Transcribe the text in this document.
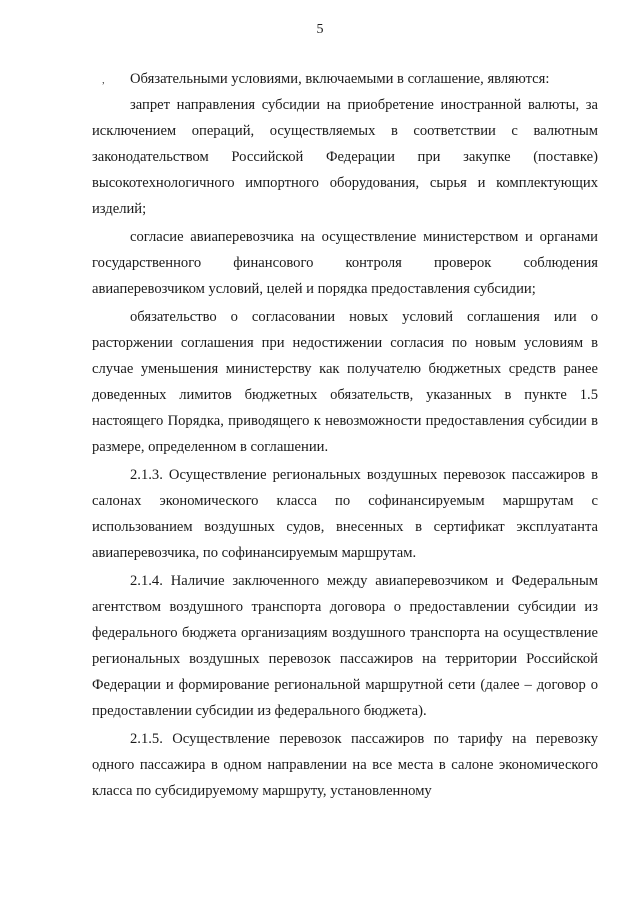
5
,	Обязательными условиями, включаемыми в соглашение, являются:

запрет направления субсидии на приобретение иностранной валюты, за исключением операций, осуществляемых в соответствии с валютным законодательством Российской Федерации при закупке (поставке) высокотехнологичного импортного оборудования, сырья и комплектующих изделий;

согласие авиаперевозчика на осуществление министерством и органами государственного финансового контроля проверок соблюдения авиаперевозчиком условий, целей и порядка предоставления субсидии;

обязательство о согласовании новых условий соглашения или о расторжении соглашения при недостижении согласия по новым условиям в случае уменьшения министерству как получателю бюджетных средств ранее доведенных лимитов бюджетных обязательств, указанных в пункте 1.5 настоящего Порядка, приводящего к невозможности предоставления субсидии в размере, определенном в соглашении.

2.1.3. Осуществление региональных воздушных перевозок пассажиров в салонах экономического класса по софинансируемым маршрутам с использованием воздушных судов, внесенных в сертификат эксплуатанта авиаперевозчика, по софинансируемым маршрутам.

2.1.4. Наличие заключенного между авиаперевозчиком и Федеральным агентством воздушного транспорта договора о предоставлении субсидии из федерального бюджета организациям воздушного транспорта на осуществление региональных воздушных перевозок пассажиров на территории Российской Федерации и формирование региональной маршрутной сети (далее – договор о предоставлении субсидии из федерального бюджета).

2.1.5. Осуществление перевозок пассажиров по тарифу на перевозку одного пассажира в одном направлении на все места в салоне экономического класса по субсидируемому маршруту, установленному
